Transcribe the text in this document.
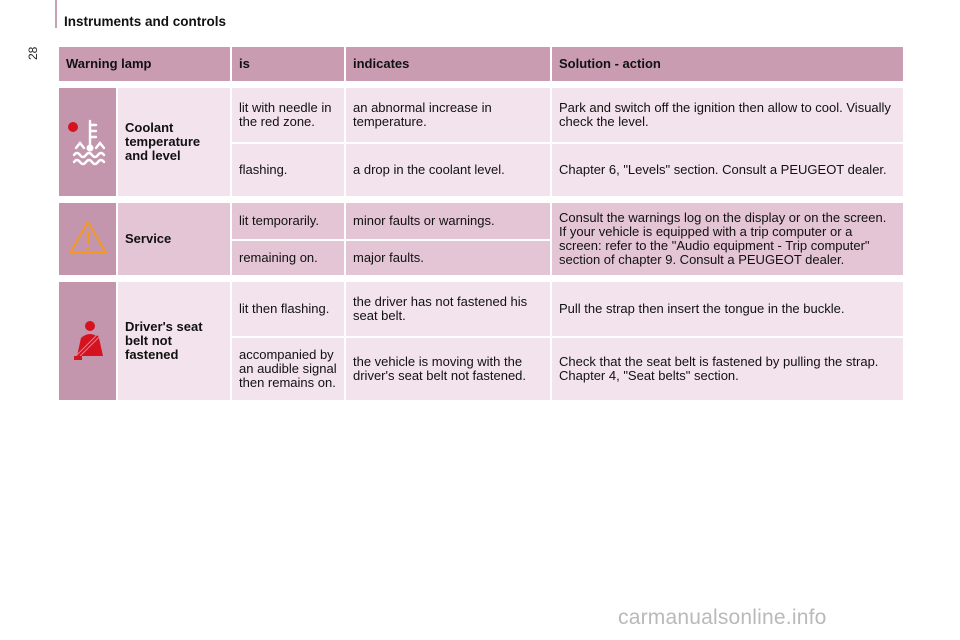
Instruments and controls
28
Warning lamp		is	indicates	Solution - action

	Coolant temperature and level	lit with needle in the red zone.	an abnormal increase in temperature.	Park and switch off the ignition then allow to cool. Visually check the level.
		flashing.	a drop in the coolant level.	Chapter 6, "Levels" section. Consult a PEUGEOT dealer.

	Service	lit temporarily.	minor faults or warnings.	Consult the warnings log on the display or on the screen. If your vehicle is equipped with a trip computer or a screen: refer to the "Audio equipment - Trip computer" section of chapter 9. Consult a PEUGEOT dealer.
		remaining on.	major faults.	

	Driver's seat belt not fastened	lit then flashing.	the driver has not fastened his seat belt.	Pull the strap then insert the tongue in the buckle.
		accompanied by an audible signal then remains on.	the vehicle is moving with the driver's seat belt not fastened.	Check that the seat belt is fastened by pulling the strap. Chapter 4, "Seat belts" section.
carmanualsonline.info
